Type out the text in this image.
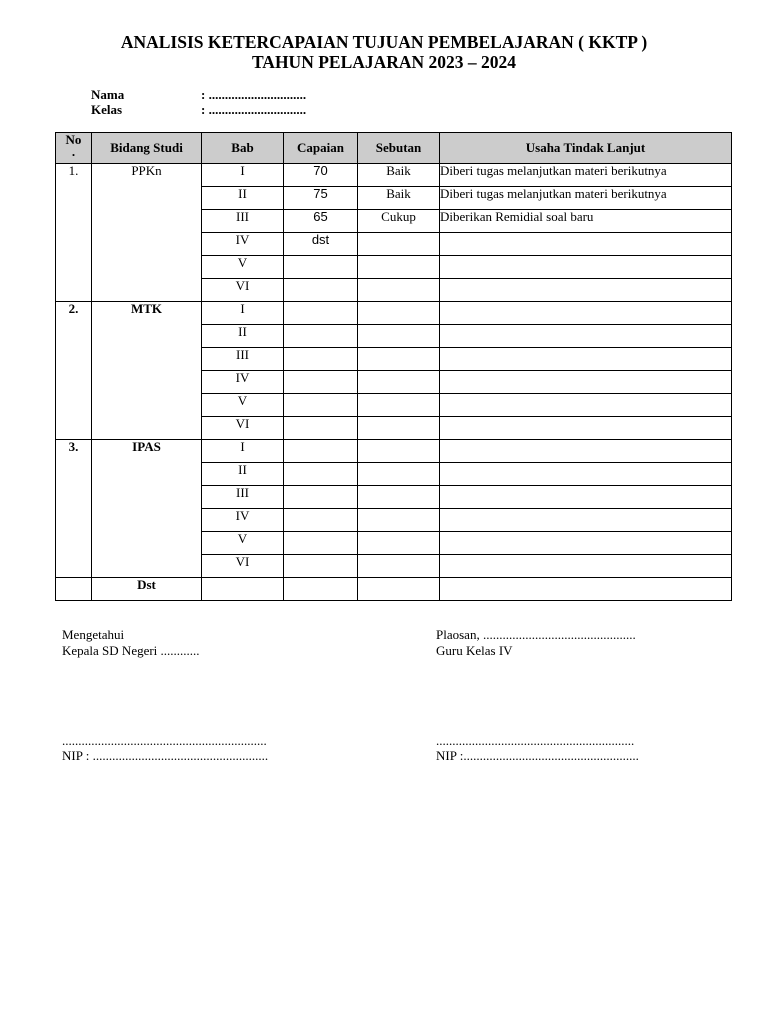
ANALISIS KETERCAPAIAN TUJUAN PEMBELAJARAN ( KKTP )
TAHUN PELAJARAN 2023 – 2024
Nama	: ..............................
Kelas	: ..............................
No
.	Bidang Studi	Bab	Capaian	Sebutan	Usaha Tindak Lanjut
1.	PPKn	I	70	Baik	Diberi tugas melanjutkan materi berikutnya
		II	75	Baik	Diberi tugas melanjutkan materi berikutnya
		III	65	Cukup	Diberikan Remidial soal baru
		IV	dst		
		V			
		VI			
2.	MTK	I			
		II			
		III			
		IV			
		V			
		VI			
3.	IPAS	I			
		II			
		III			
		IV			
		V			
		VI			
	Dst				
Mengetahui
Kepala SD Negeri ............
Plaosan, ...............................................
Guru Kelas IV
...............................................................
NIP : ......................................................
.............................................................
NIP :......................................................
